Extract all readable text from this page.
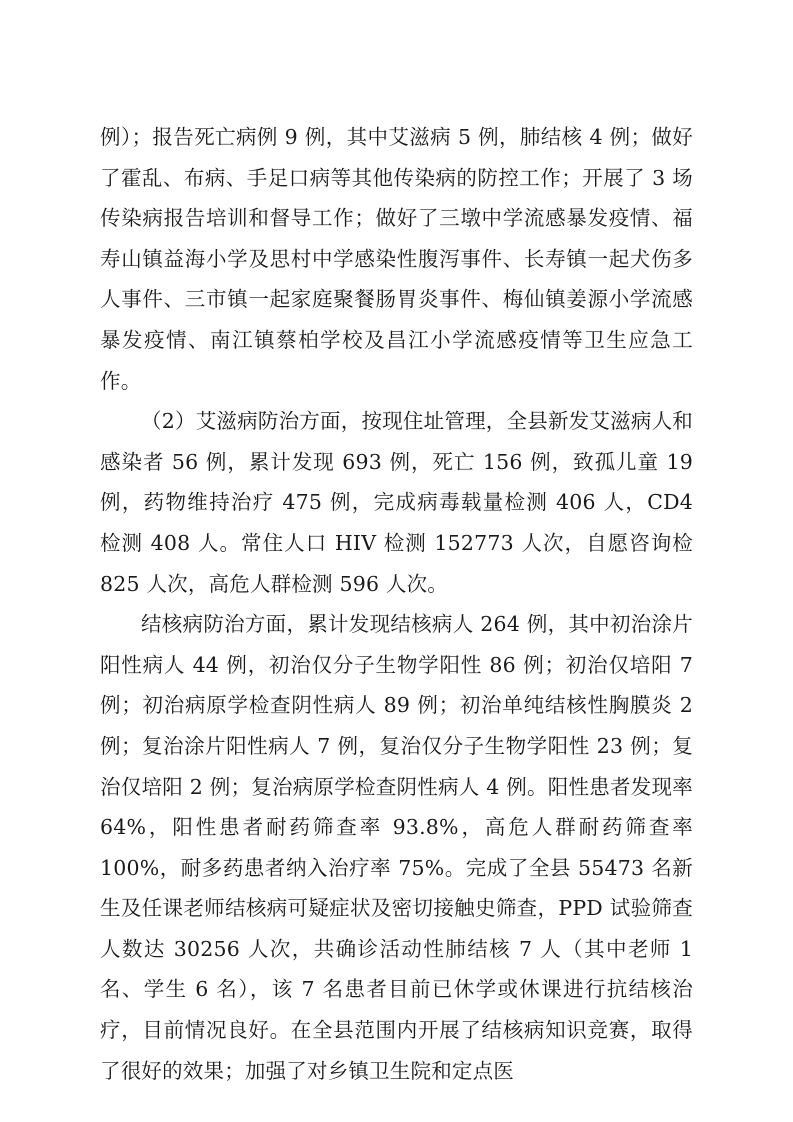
例）；报告死亡病例 9 例，其中艾滋病 5 例，肺结核 4 例；做好了霍乱、布病、手足口病等其他传染病的防控工作；开展了 3 场传染病报告培训和督导工作；做好了三墩中学流感暴发疫情、福寿山镇益海小学及思村中学感染性腹泻事件、长寿镇一起犬伤多人事件、三市镇一起家庭聚餐肠胃炎事件、梅仙镇姜源小学流感暴发疫情、南江镇蔡柏学校及昌江小学流感疫情等卫生应急工作。

（2）艾滋病防治方面，按现住址管理，全县新发艾滋病人和感染者 56 例，累计发现 693 例，死亡 156 例，致孤儿童 19 例，药物维持治疗 475 例，完成病毒载量检测 406 人，CD4 检测 408 人。常住人口 HIV 检测 152773 人次，自愿咨询检 825 人次，高危人群检测 596 人次。

结核病防治方面，累计发现结核病人 264 例，其中初治涂片阳性病人 44 例，初治仅分子生物学阳性 86 例；初治仅培阳 7 例；初治病原学检查阴性病人 89 例；初治单纯结核性胸膜炎 2 例；复治涂片阳性病人 7 例，复治仅分子生物学阳性 23 例；复治仅培阳 2 例；复治病原学检查阴性病人 4 例。阳性患者发现率 64%，阳性患者耐药筛查率 93.8%，高危人群耐药筛查率 100%，耐多药患者纳入治疗率 75%。完成了全县 55473 名新生及任课老师结核病可疑症状及密切接触史筛查，PPD 试验筛查人数达 30256 人次，共确诊活动性肺结核 7 人（其中老师 1 名、学生 6 名），该 7 名患者目前已休学或休课进行抗结核治疗，目前情况良好。在全县范围内开展了结核病知识竞赛，取得了很好的效果；加强了对乡镇卫生院和定点医
